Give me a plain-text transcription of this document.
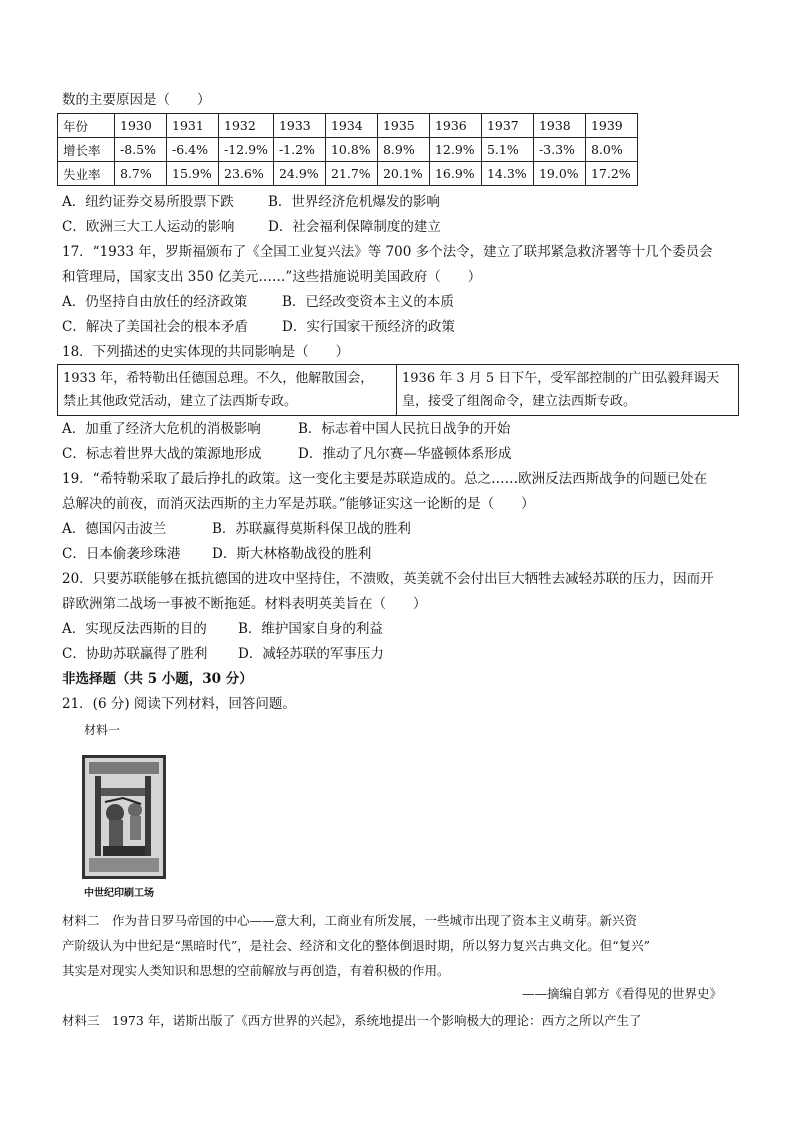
数的主要原因是（　　）
年份	1930	1931	1932	1933	1934	1935	1936	1937	1938	1939
增长率	-8.5%	-6.4%	-12.9%	-1.2%	10.8%	8.9%	12.9%	5.1%	-3.3%	8.0%
失业率	8.7%	15.9%	23.6%	24.9%	21.7%	20.1%	16.9%	14.3%	19.0%	17.2%
A．纽约证券交易所股票下跌	B．世界经济危机爆发的影响
C．欧洲三大工人运动的影响 D．社会福利保障制度的建立
17．“1933 年，罗斯福颁布了《全国工业复兴法》等 700 多个法令，建立了联邦紧急救济署等十几个委员会
和管理局，国家支出 350 亿美元……”这些措施说明美国政府（　　）
A．仍坚持自由放任的经济政策	B．已经改变资本主义的本质
C．解决了美国社会的根本矛盾	D．实行国家干预经济的政策
18．下列描述的史实体现的共同影响是（　　）
1933 年，希特勒出任德国总理。不久，他解散国会，
禁止其他政党活动，建立了法西斯专政。
1936 年 3 月 5 日下午，受军部控制的广田弘毅拜谒天
皇，接受了组阁命令，建立法西斯专政。
A．加重了经济大危机的消极影响	B．标志着中国人民抗日战争的开始
C．标志着世界大战的策源地形成	D．推动了凡尔赛—华盛顿体系形成
19．“希特勒采取了最后挣扎的政策。这一变化主要是苏联造成的。总之……欧洲反法西斯战争的问题已处在
总解决的前夜，而消灭法西斯的主力军是苏联。”能够证实这一论断的是（　　）
A．德国闪击波兰	B．苏联赢得莫斯科保卫战的胜利
C．日本偷袭珍珠港 D．斯大林格勒战役的胜利
20．只要苏联能够在抵抗德国的进攻中坚持住，不溃败，英美就不会付出巨大牺牲去减轻苏联的压力，因而开
辟欧洲第二战场一事被不断拖延。材料表明英美旨在（　　）
A．实现反法西斯的目的 B．维护国家自身的利益
C．协助苏联赢得了胜利 D．减轻苏联的军事压力
非选择题（共 5 小题，30 分）
21．(6 分) 阅读下列材料，回答问题。
材料一
中世纪印刷工场
材料二　作为昔日罗马帝国的中心——意大利，工商业有所发展，一些城市出现了资本主义萌芽。新兴资
产阶级认为中世纪是“黑暗时代”，是社会、经济和文化的整体倒退时期，所以努力复兴古典文化。但“复兴”
其实是对现实人类知识和思想的空前解放与再创造，有着积极的作用。
——摘编自郭方《看得见的世界史》
材料三　1973 年，诺斯出版了《西方世界的兴起》，系统地提出一个影响极大的理论：西方之所以产生了
